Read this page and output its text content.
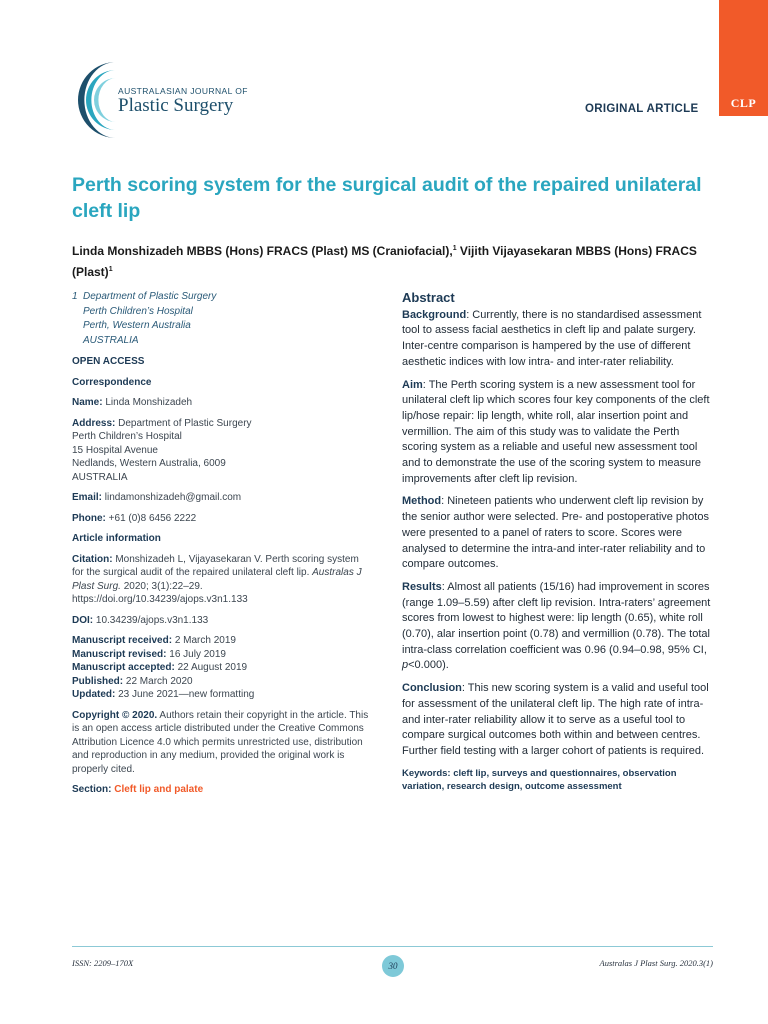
CLP
AUSTRALASIAN JOURNAL OF
Plastic Surgery	ORIGINAL ARTICLE
Perth scoring system for the surgical audit of the repaired unilateral cleft lip
Linda Monshizadeh MBBS (Hons) FRACS (Plast) MS (Craniofacial),$^1$ Vijith Vijayasekaran MBBS (Hons) FRACS (Plast)$^1$
1 Department of Plastic Surgery
Perth Children’s Hospital
Perth, Western Australia
AUSTRALIA
OPEN ACCESS
Correspondence
Name: Linda Monshizadeh
Address: Department of Plastic Surgery
Perth Children’s Hospital
15 Hospital Avenue
Nedlands, Western Australia, 6009
AUSTRALIA
Email: lindamonshizadeh@gmail.com
Phone: +61 (0)8 6456 2222
Article information
Citation: Monshizadeh L, Vijayasekaran V. Perth scoring system for the surgical audit of the repaired unilateral cleft lip. Australas J Plast Surg. 2020; 3(1):22–29. https://doi.org/10.34239/ajops.v3n1.133
DOI: 10.34239/ajops.v3n1.133
Manuscript received: 2 March 2019
Manuscript revised: 16 July 2019
Manuscript accepted: 22 August 2019
Published: 22 March 2020
Updated: 23 June 2021—new formatting
Copyright © 2020. Authors retain their copyright in the article. This is an open access article distributed under the Creative Commons Attribution Licence 4.0 which permits unrestricted use, distribution and reproduction in any medium, provided the original work is properly cited.
Section: Cleft lip and palate
Abstract

Background: Currently, there is no standardised assessment tool to assess facial aesthetics in cleft lip and palate surgery. Inter-centre comparison is hampered by the use of different aesthetic indices with low intra- and inter-rater reliability.

Aim: The Perth scoring system is a new assessment tool for unilateral cleft lip which scores four key components of the cleft lip/hose repair: lip length, white roll, alar insertion point and vermillion. The aim of this study was to validate the Perth scoring system as a reliable and useful new assessment tool and to demonstrate the use of the scoring system to measure improvements after cleft lip revision.

Method: Nineteen patients who underwent cleft lip revision by the senior author were selected. Pre- and postoperative photos were presented to a panel of raters to score. Scores were analysed to determine the intra-and inter-rater reliability and to compare outcomes.

Results: Almost all patients (15/16) had improvement in scores (range 1.09–5.59) after cleft lip revision. Intra-raters’ agreement scores from lowest to highest were: lip length (0.65), white roll (0.70), alar insertion point (0.78) and vermillion (0.78). The total intra-class correlation coefficient was 0.96 (0.94–0.98, 95% CI, p<0.000).

Conclusion: This new scoring system is a valid and useful tool for assessment of the unilateral cleft lip. The high rate of intra- and inter-rater reliability allow it to serve as a useful tool to compare surgical outcomes both within and between centres. Further field testing with a larger cohort of patients is required.

Keywords: cleft lip, surveys and questionnaires, observation variation, research design, outcome assessment
ISSN: 2209–170X	30	Australas J Plast Surg. 2020.3(1)
